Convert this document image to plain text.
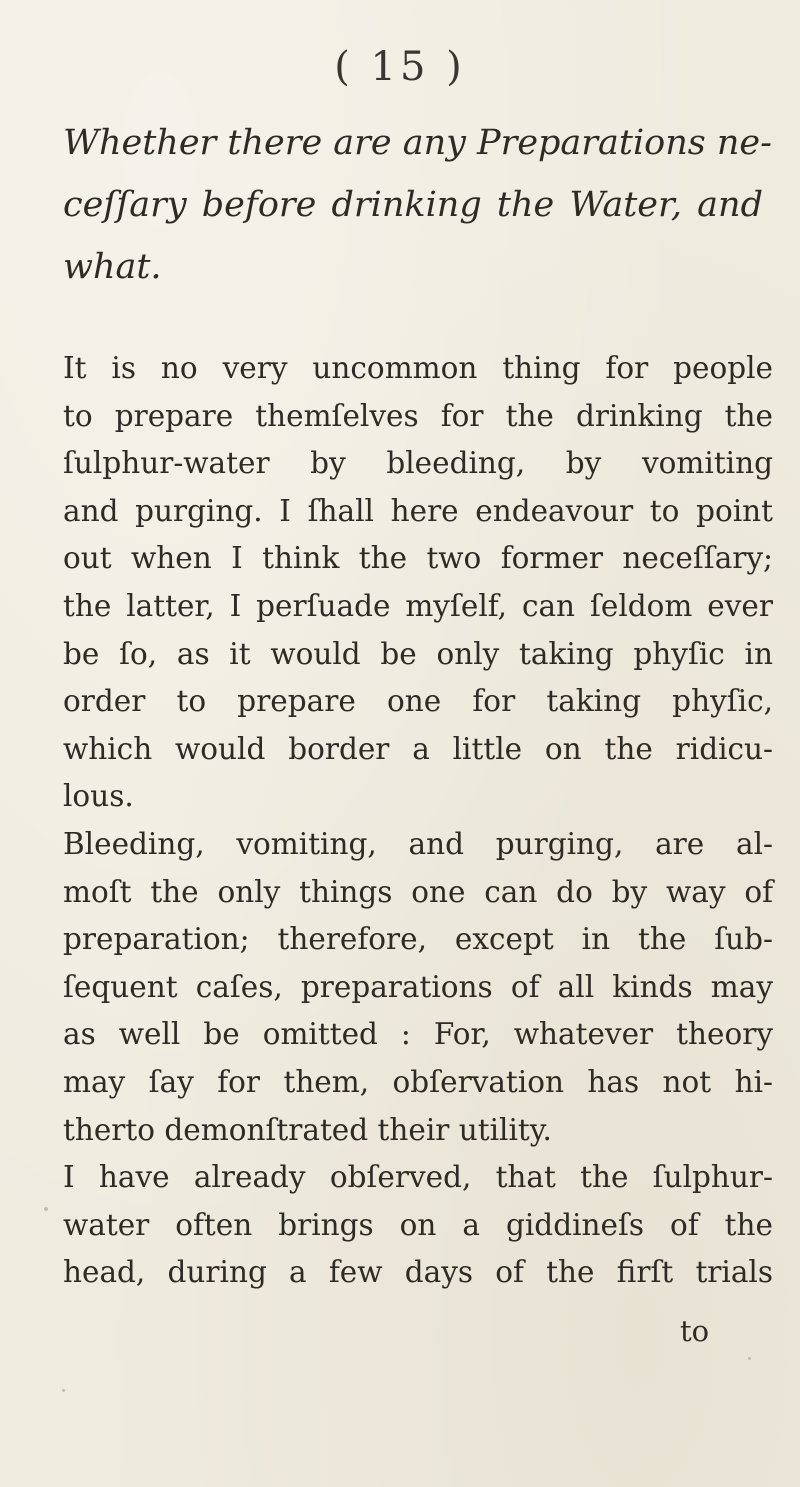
( 15 )
Whether there are any Preparations ne-
ceſſary before drinking the Water, and
what.
It is no very uncommon thing for people
to prepare themſelves for the drinking the
ſulphur-water by bleeding, by vomiting
and purging. I ſhall here endeavour to point
out when I think the two former neceſſary;
the latter, I perſuade myſelf, can ſeldom ever
be ſo, as it would be only taking phyſic in
order to prepare one for taking phyſic,
which would border a little on the ridicu-
lous.
Bleeding, vomiting, and purging, are al-
moſt the only things one can do by way of
preparation; therefore, except in the ſub-
ſequent caſes, preparations of all kinds may
as well be omitted : For, whatever theory
may ſay for them, obſervation has not hi-
therto demonſtrated their utility.
I have already obſerved, that the ſulphur-
water often brings on a giddineſs of the
head, during a few days of the firſt trials
to
